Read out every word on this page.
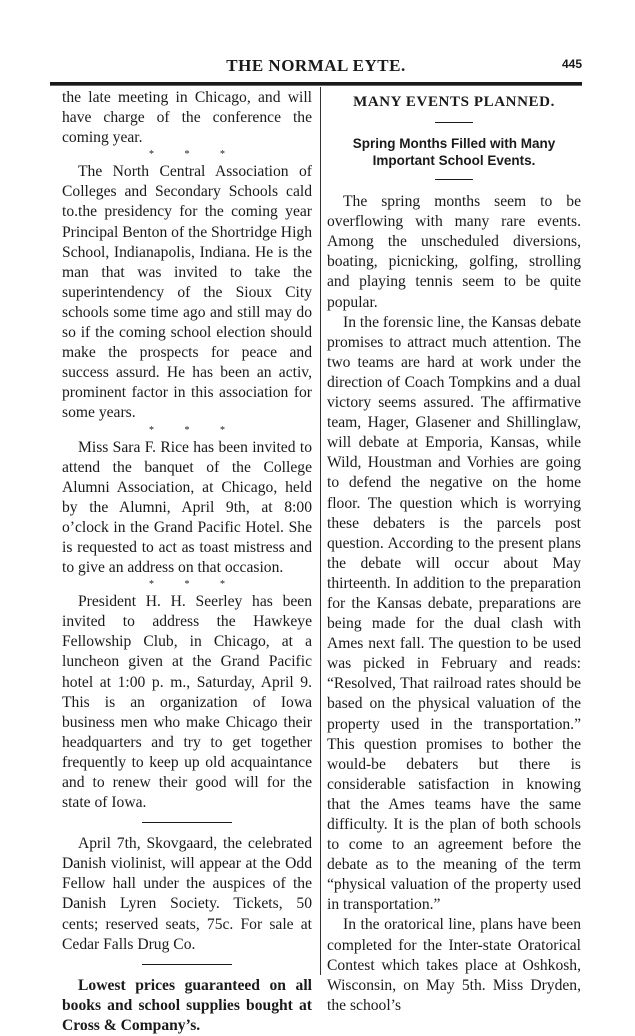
THE NORMAL EYTE.	445

the late meeting in Chicago, and will have charge of the conference the coming year.

* * *

The North Central Association of Colleges and Secondary Schools cald to.the presidency for the coming year Principal Benton of the Shortridge High School, Indianapolis, Indiana. He is the man that was invited to take the superintendency of the Sioux City schools some time ago and still may do so if the coming school election should make the prospects for peace and success assurd. He has been an activ, prominent factor in this association for some years.

* * *

Miss Sara F. Rice has been invited to attend the banquet of the College Alumni Association, at Chicago, held by the Alumni, April 9th, at 8:00 o’clock in the Grand Pacific Hotel. She is requested to act as toast mistress and to give an address on that occasion.

* * *

President H. H. Seerley has been invited to address the Hawkeye Fellowship Club, in Chicago, at a luncheon given at the Grand Pacific hotel at 1:00 p. m., Saturday, April 9. This is an organization of Iowa business men who make Chicago their headquarters and try to get together frequently to keep up old acquaintance and to renew their good will for the state of Iowa.

April 7th, Skovgaard, the celebrated Danish violinist, will appear at the Odd Fellow hall under the auspices of the Danish Lyren Society. Tickets, 50 cents; reserved seats, 75c. For sale at Cedar Falls Drug Co.

Lowest prices guaranteed on all books and school supplies bought at Cross & Company’s.

MANY EVENTS PLANNED.
Spring Months Filled with Many Important School Events.

The spring months seem to be overflowing with many rare events. Among the unscheduled diversions, boating, picnicking, golfing, strolling and playing tennis seem to be quite popular.

In the forensic line, the Kansas debate promises to attract much attention. The two teams are hard at work under the direction of Coach Tompkins and a dual victory seems assured. The affirmative team, Hager, Glasener and Shillinglaw, will debate at Emporia, Kansas, while Wild, Houstman and Vorhies are going to defend the negative on the home floor. The question which is worrying these debaters is the parcels post question. According to the present plans the debate will occur about May thirteenth. In addition to the preparation for the Kansas debate, preparations are being made for the dual clash with Ames next fall. The question to be used was picked in February and reads: “Resolved, That railroad rates should be based on the physical valuation of the property used in the transportation.” This question promises to bother the would-be debaters but there is considerable satisfaction in knowing that the Ames teams have the same difficulty. It is the plan of both schools to come to an agreement before the debate as to the meaning of the term “physical valuation of the property used in transportation.”

In the oratorical line, plans have been completed for the Inter-state Oratorical Contest which takes place at Oshkosh, Wisconsin, on May 5th. Miss Dryden, the school’s
